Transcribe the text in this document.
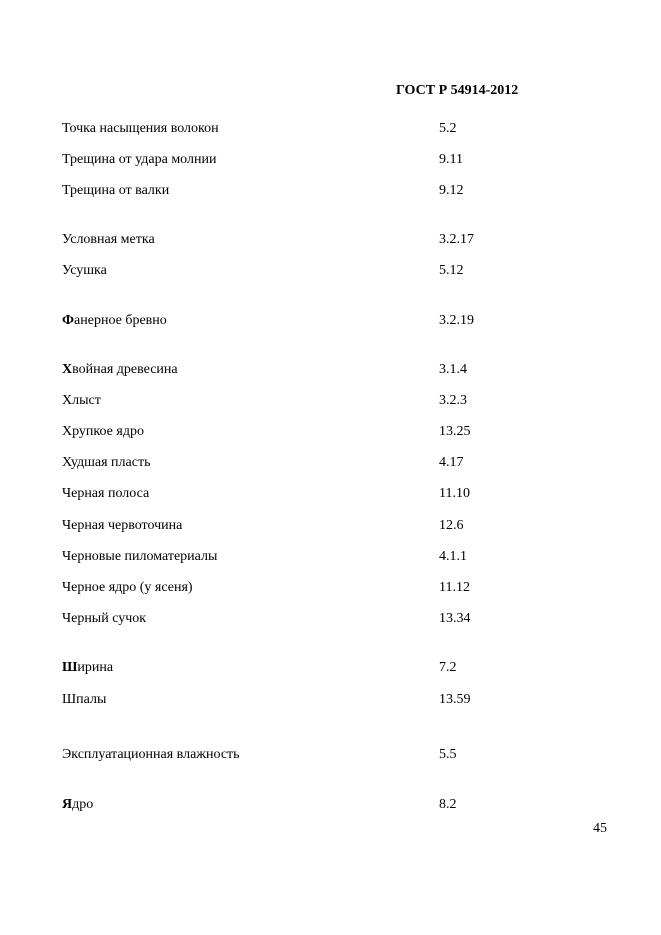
ГОСТ Р 54914-2012
Точка насыщения волокон	5.2
Трещина от удара молнии	9.11
Трещина от валки	9.12
Условная метка	3.2.17
Усушка	5.12
Фанерное бревно	3.2.19
Хвойная древесина	3.1.4
Хлыст	3.2.3
Хрупкое ядро	13.25
Худшая пласть	4.17
Черная полоса	11.10
Черная червоточина	12.6
Черновые пиломатериалы	4.1.1
Черное ядро (у ясеня)	11.12
Черный сучок	13.34
Ширина	7.2
Шпалы	13.59
Эксплуатационная влажность	5.5
Ядро	8.2
45
